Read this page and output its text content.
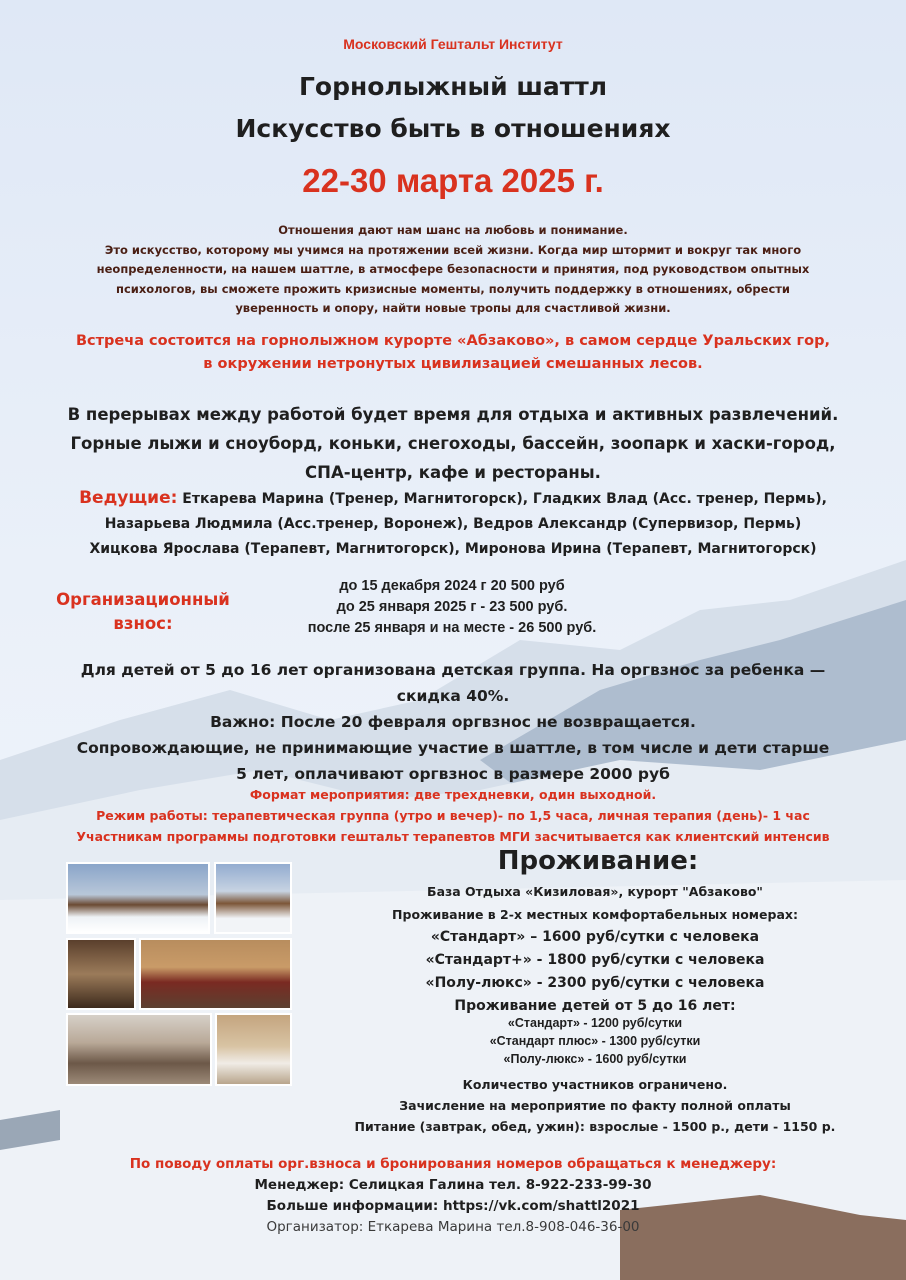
Московский Гештальт Институт
Горнолыжный шаттл
Искусство быть в отношениях
22-30 марта 2025 г.
Отношения дают нам шанс на любовь и понимание.
Это искусство, которому мы учимся на протяжении всей жизни. Когда мир штормит и вокруг так много
неопределенности, на нашем шаттле, в атмосфере безопасности и принятия, под руководством опытных
психологов, вы сможете прожить кризисные моменты, получить поддержку в отношениях, обрести
уверенность и опору, найти новые тропы для счастливой жизни.
Встреча состоится на горнолыжном курорте «Абзаково», в самом сердце Уральских гор,
в окружении нетронутых цивилизацией смешанных лесов.
В перерывах между работой будет время для отдыха и активных развлечений.
Горные лыжи и сноуборд, коньки, снегоходы, бассейн, зоопарк и хаски-город,
СПА-центр, кафе и рестораны.
Ведущие: Еткарева Марина (Тренер, Магнитогорск), Гладких Влад (Асс. тренер, Пермь),
Назарьева Людмила (Асс.тренер, Воронеж), Ведров Александр (Супервизор, Пермь)
Хицкова Ярослава (Терапевт, Магнитогорск), Миронова Ирина (Терапевт, Магнитогорск)
Организационный
взнос:
до 15 декабря 2024 г 20 500 руб
до 25 января 2025 г - 23 500 руб.
после 25 января и на месте - 26 500 руб.
Для детей от 5 до 16 лет организована детская группа. На оргвзнос за ребенка —
скидка 40%.
Важно: После 20 февраля оргвзнос не возвращается.
Сопровождающие, не принимающие участие в шаттле, в том числе и дети старше
5 лет, оплачивают оргвзнос в размере 2000 руб
Формат мероприятия: две трехдневки, один выходной.
Режим работы: терапевтическая группа (утро и вечер)- по 1,5 часа, личная терапия (день)- 1 час
Участникам программы подготовки гештальт терапевтов МГИ засчитывается как клиентский интенсив
Проживание:
База Отдыха «Кизиловая», курорт "Абзаково"
Проживание в 2-х местных комфортабельных номерах:
«Стандарт» – 1600 руб/сутки с человека
«Стандарт+» - 1800 руб/сутки с человека
«Полу-люкс» - 2300 руб/сутки с человека
Проживание детей от 5 до 16 лет:
«Стандарт» - 1200 руб/сутки
«Стандарт плюс» - 1300 руб/сутки
«Полу-люкс» - 1600 руб/сутки
Количество участников ограничено.
Зачисление на мероприятие по факту полной оплаты
Питание (завтрак, обед, ужин): взрослые - 1500 р., дети - 1150 р.
По поводу оплаты орг.взноса и бронирования номеров обращаться к менеджеру:
Менеджер: Селицкая Галина тел. 8-922-233-99-30
Больше информации: https://vk.com/shattl2021
Организатор: Еткарева Марина тел.8-908-046-36-00
